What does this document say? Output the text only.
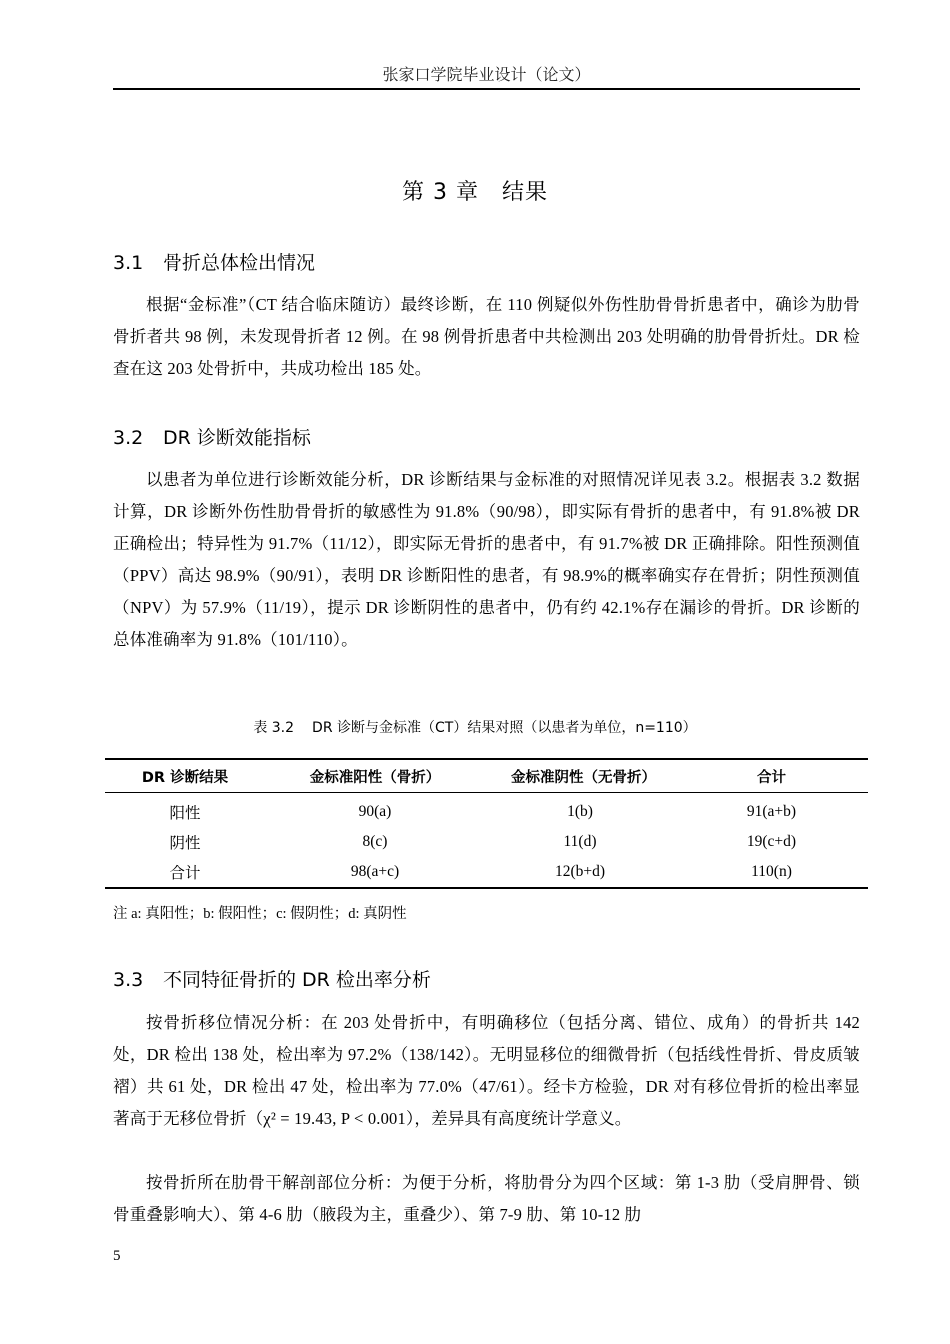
张家口学院毕业设计（论文）
第 3 章　结果
3.1 骨折总体检出情况
根据“金标准”（CT 结合临床随访）最终诊断，在 110 例疑似外伤性肋骨骨折患者中，确诊为肋骨骨折者共 98 例，未发现骨折者 12 例。在 98 例骨折患者中共检测出 203 处明确的肋骨骨折灶。DR 检查在这 203 处骨折中，共成功检出 185 处。
3.2 DR 诊断效能指标
以患者为单位进行诊断效能分析，DR 诊断结果与金标准的对照情况详见表 3.2。根据表 3.2 数据计算，DR 诊断外伤性肋骨骨折的敏感性为 91.8%（90/98），即实际有骨折的患者中，有 91.8%被 DR 正确检出；特异性为 91.7%（11/12），即实际无骨折的患者中，有 91.7%被 DR 正确排除。阳性预测值（PPV）高达 98.9%（90/91），表明 DR 诊断阳性的患者，有 98.9%的概率确实存在骨折；阴性预测值（NPV）为 57.9%（11/19），提示 DR 诊断阴性的患者中，仍有约 42.1%存在漏诊的骨折。DR 诊断的总体准确率为 91.8%（101/110）。
表 3.2 DR 诊断与金标准（CT）结果对照（以患者为单位，n=110）
DR 诊断结果	金标准阳性（骨折）	金标准阴性（无骨折）	合计
阳性	90(a)	1(b)	91(a+b)
阴性	8(c)	11(d)	19(c+d)
合计	98(a+c)	12(b+d)	110(n)
注 a: 真阳性；b: 假阳性；c: 假阴性；d: 真阴性
3.3 不同特征骨折的 DR 检出率分析
按骨折移位情况分析：在 203 处骨折中，有明确移位（包括分离、错位、成角）的骨折共 142 处，DR 检出 138 处，检出率为 97.2%（138/142）。无明显移位的细微骨折（包括线性骨折、骨皮质皱褶）共 61 处，DR 检出 47 处，检出率为 77.0%（47/61）。经卡方检验，DR 对有移位骨折的检出率显著高于无移位骨折（χ² = 19.43, P < 0.001），差异具有高度统计学意义。
按骨折所在肋骨干解剖部位分析：为便于分析，将肋骨分为四个区域：第 1-3 肋（受肩胛骨、锁骨重叠影响大）、第 4-6 肋（腋段为主，重叠少）、第 7-9 肋、第 10-12 肋
5
